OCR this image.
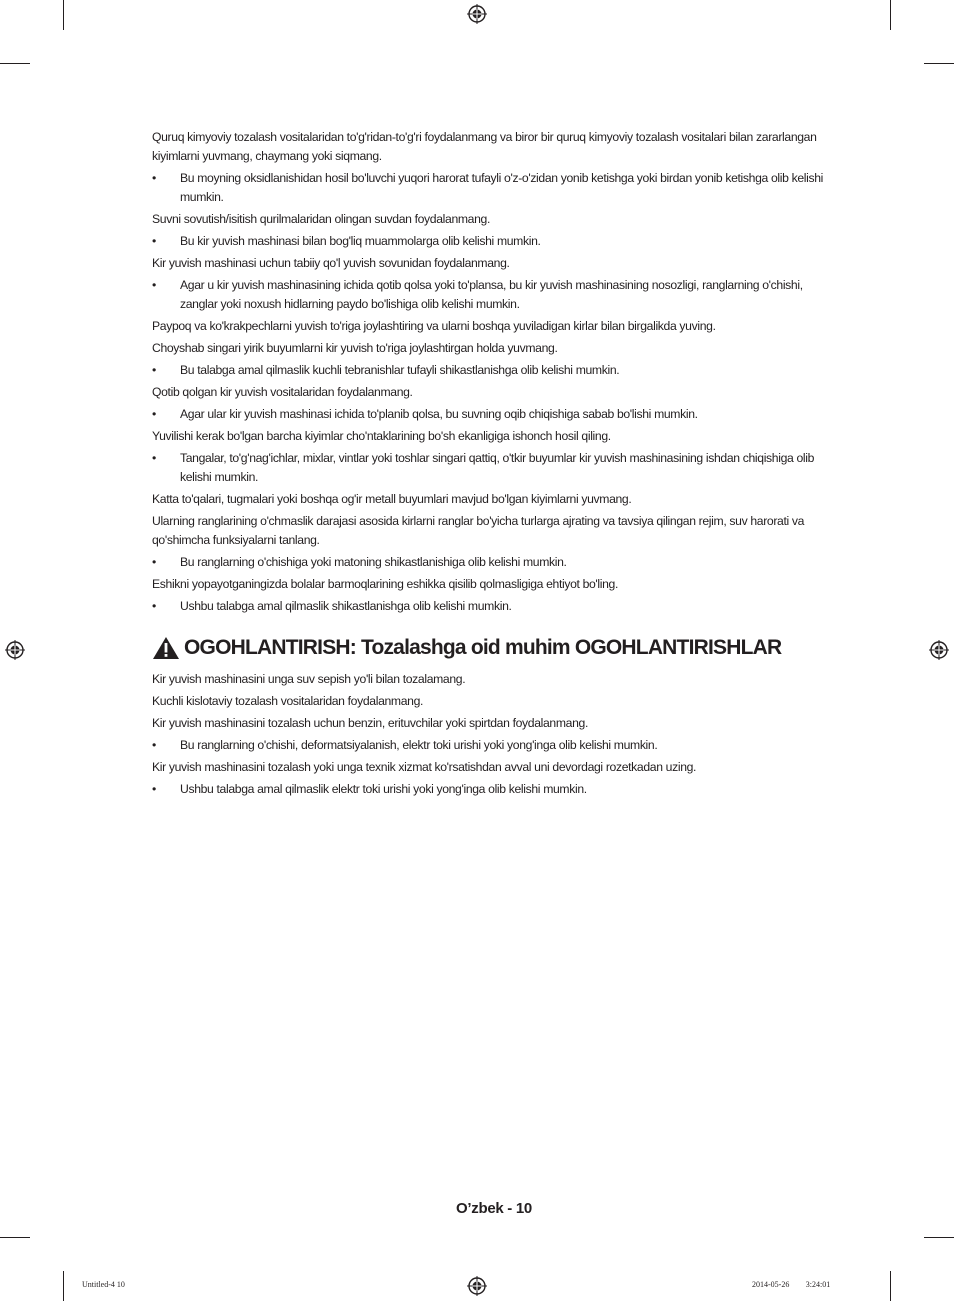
Quruq kimyoviy tozalash vositalaridan to'g'ridan-to'g'ri foydalanmang va biror bir quruq kimyoviy tozalash vositalari bilan zararlangan kiyimlarni yuvmang, chaymang yoki siqmang.
• Bu moyning oksidlanishidan hosil bo'luvchi yuqori harorat tufayli o'z-o'zidan yonib ketishga yoki birdan yonib ketishga olib kelishi mumkin.
Suvni sovutish/isitish qurilmalaridan olingan suvdan foydalanmang.
• Bu kir yuvish mashinasi bilan bog'liq muammolarga olib kelishi mumkin.
Kir yuvish mashinasi uchun tabiiy qo'l yuvish sovunidan foydalanmang.
• Agar u kir yuvish mashinasining ichida qotib qolsa yoki to'plansa, bu kir yuvish mashinasining nosozligi, ranglarning o'chishi, zanglar yoki noxush hidlarning paydo bo'lishiga olib kelishi mumkin.
Paypoq va ko'krakpechlarni yuvish to'riga joylashtiring va ularni boshqa yuviladigan kirlar bilan birgalikda yuving.
Choyshab singari yirik buyumlarni kir yuvish to'riga joylashtirgan holda yuvmang.
• Bu talabga amal qilmaslik kuchli tebranishlar tufayli shikastlanishga olib kelishi mumkin.
Qotib qolgan kir yuvish vositalaridan foydalanmang.
• Agar ular kir yuvish mashinasi ichida to'planib qolsa, bu suvning oqib chiqishiga sabab bo'lishi mumkin.
Yuvilishi kerak bo'lgan barcha kiyimlar cho'ntaklarining bo'sh ekanligiga ishonch hosil qiling.
• Tangalar, to'g'nag'ichlar, mixlar, vintlar yoki toshlar singari qattiq, o'tkir buyumlar kir yuvish mashinasining ishdan chiqishiga olib kelishi mumkin.
Katta to'qalari, tugmalari yoki boshqa og'ir metall buyumlari mavjud bo'lgan kiyimlarni yuvmang.
Ularning ranglarining o'chmaslik darajasi asosida kirlarni ranglar bo'yicha turlarga ajrating va tavsiya qilingan rejim, suv harorati va qo'shimcha funksiyalarni tanlang.
• Bu ranglarning o'chishiga yoki matoning shikastlanishiga olib kelishi mumkin.
Eshikni yopayotganingizda bolalar barmoqlarining eshikka qisilib qolmasligiga ehtiyot bo'ling.
• Ushbu talabga amal qilmaslik shikastlanishga olib kelishi mumkin.
OGOHLANTIRISH: Tozalashga oid muhim OGOHLANTIRISHLAR
Kir yuvish mashinasini unga suv sepish yo'li bilan tozalamang.
Kuchli kislotaviy tozalash vositalaridan foydalanmang.
Kir yuvish mashinasini tozalash uchun benzin, erituvchilar yoki spirtdan foydalanmang.
• Bu ranglarning o'chishi, deformatsiyalanish, elektr toki urishi yoki yong'inga olib kelishi mumkin.
Kir yuvish mashinasini tozalash yoki unga texnik xizmat ko'rsatishdan avval uni devordagi rozetkadan uzing.
• Ushbu talabga amal qilmaslik elektr toki urishi yoki yong'inga olib kelishi mumkin.
O’zbek - 10
Untitled-4 10	2014-05-26 ￿￿ 3:24:01
